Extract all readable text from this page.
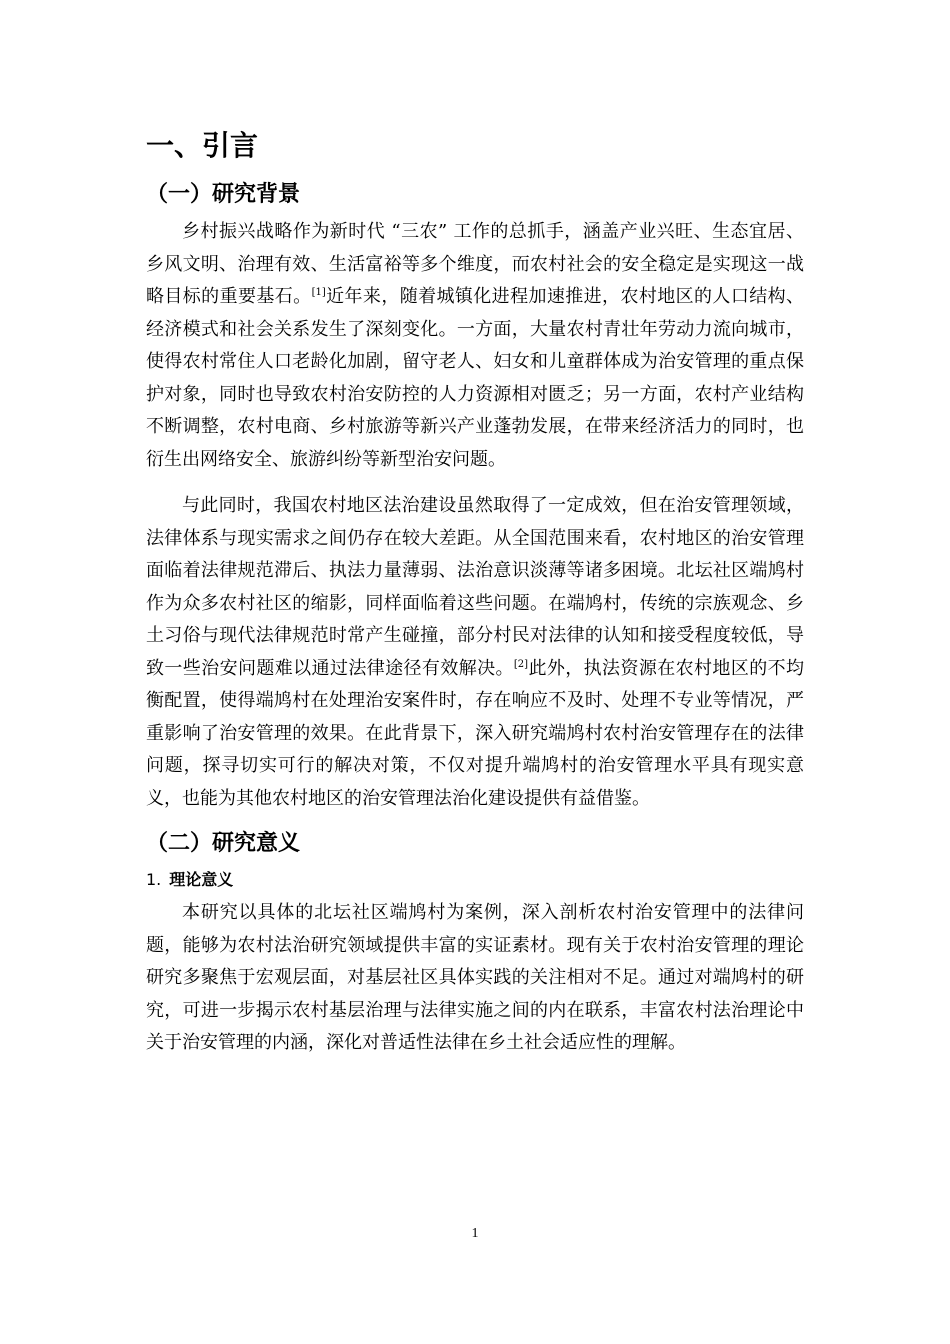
一、引言
（一）研究背景

乡村振兴战略作为新时代 “三农” 工作的总抓手，涵盖产业兴旺、生态宜居、乡风文明、治理有效、生活富裕等多个维度，而农村社会的安全稳定是实现这一战略目标的重要基石。[1]近年来，随着城镇化进程加速推进，农村地区的人口结构、经济模式和社会关系发生了深刻变化。一方面，大量农村青壮年劳动力流向城市，使得农村常住人口老龄化加剧，留守老人、妇女和儿童群体成为治安管理的重点保护对象，同时也导致农村治安防控的人力资源相对匮乏；另一方面，农村产业结构不断调整，农村电商、乡村旅游等新兴产业蓬勃发展，在带来经济活力的同时，也衍生出网络安全、旅游纠纷等新型治安问题。

与此同时，我国农村地区法治建设虽然取得了一定成效，但在治安管理领域，法律体系与现实需求之间仍存在较大差距。从全国范围来看，农村地区的治安管理面临着法律规范滞后、执法力量薄弱、法治意识淡薄等诸多困境。北坛社区端鸠村作为众多农村社区的缩影，同样面临着这些问题。在端鸠村，传统的宗族观念、乡土习俗与现代法律规范时常产生碰撞，部分村民对法律的认知和接受程度较低，导致一些治安问题难以通过法律途径有效解决。[2]此外，执法资源在农村地区的不均衡配置，使得端鸠村在处理治安案件时，存在响应不及时、处理不专业等情况，严重影响了治安管理的效果。在此背景下，深入研究端鸠村农村治安管理存在的法律问题，探寻切实可行的解决对策，不仅对提升端鸠村的治安管理水平具有现实意义，也能为其他农村地区的治安管理法治化建设提供有益借鉴。

（二）研究意义
1. 理论意义

本研究以具体的北坛社区端鸠村为案例，深入剖析农村治安管理中的法律问题，能够为农村法治研究领域提供丰富的实证素材。现有关于农村治安管理的理论研究多聚焦于宏观层面，对基层社区具体实践的关注相对不足。通过对端鸠村的研究，可进一步揭示农村基层治理与法律实施之间的内在联系，丰富农村法治理论中关于治安管理的内涵，深化对普适性法律在乡土社会适应性的理解。

1
